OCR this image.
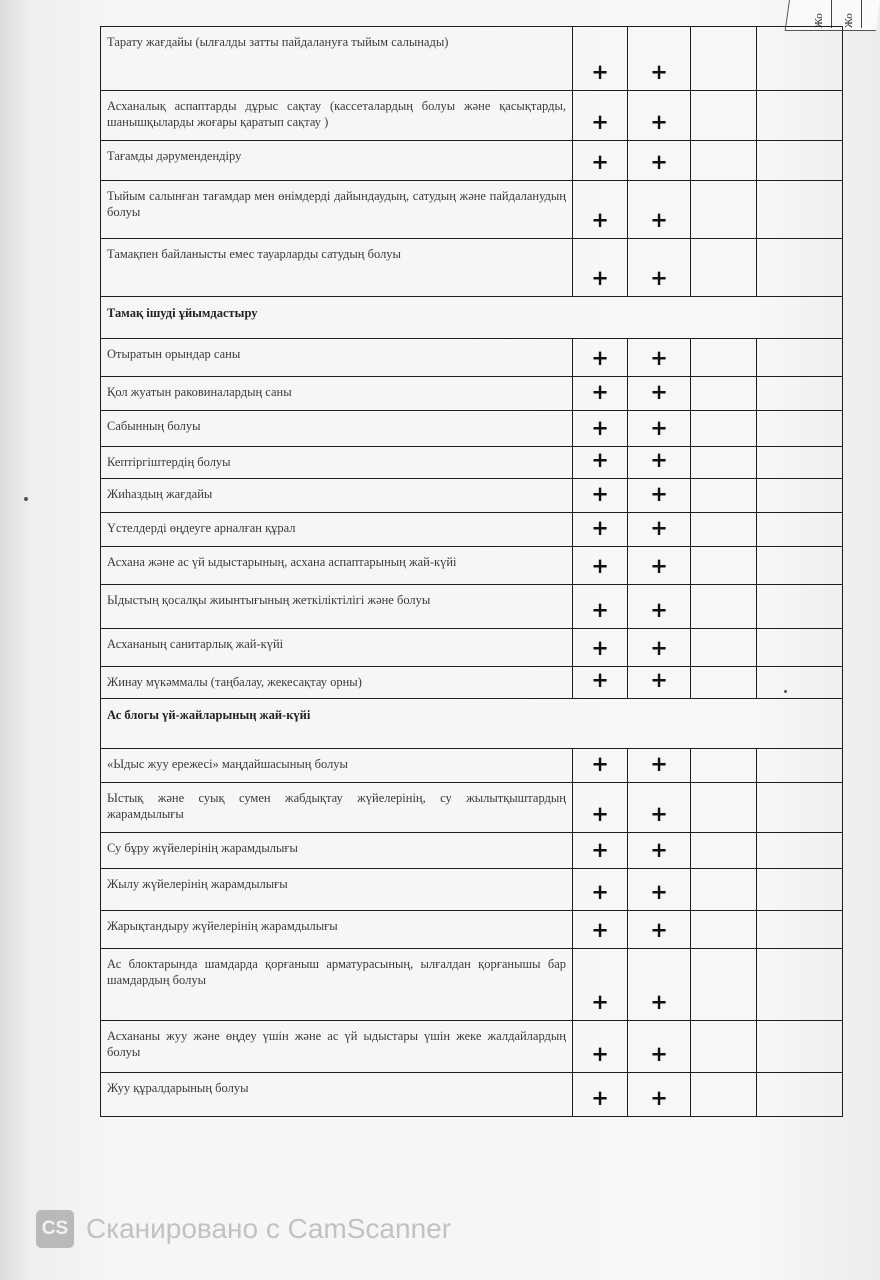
Жо	Жо
Тарату жағдайы (ылғалды затты пайдалануға тыйым салынады)	+	+		

Асханалық аспаптарды дұрыс сақтау (кассеталардың болуы және қасықтарды, шанышқыларды жоғары қаратып сақтау )	+	+		

Тағамды дәрумендендіру	+	+		

Тыйым салынған тағамдар мен өнімдерді дайындаудың, сатудың және пайдаланудың болуы	+	+		

Тамақпен байланысты емес тауарларды сатудың болуы	+	+		

Тамақ ішуді ұйымдастыру				

Отыратын орындар саны	+	+		

Қол жуатын раковиналардың саны	+	+		

Сабынның болуы	+	+		

Кептіргіштердің болуы	+	+		

Жиһаздың жағдайы	+	+		

Үстелдерді өңдеуге арналған құрал	+	+		

Асхана және ас үй ыдыстарының, асхана аспаптарының жай-күйі	+	+		

Ыдыстың қосалқы жиынтығының жеткіліктілігі және болуы	+	+		

Асхананың санитарлық жай-күйі	+	+		

Жинау мүкәммалы (таңбалау, жекесақтау орны)	+	+		

Ас блогы үй-жайларының жай-күйі				

«Ыдыс жуу ережесі» маңдайшасының болуы	+	+		

Ыстық және суық сумен жабдықтау жүйелерінің, су жылытқыштардың жарамдылығы	+	+		

Су бұру жүйелерінің жарамдылығы	+	+		

Жылу жүйелерінің жарамдылығы	+	+		

Жарықтандыру жүйелерінің жарамдылығы	+	+		

Ас блоктарында шамдарда қорғаныш арматурасының, ылғалдан қорғанышы бар шамдардың болуы	+	+		

Асхананы жуу және өңдеу үшін және ас үй ыдыстары үшін жеке жалдайлардың болуы	+	+		

Жуу құралдарының болуы	+	+		

CS Сканировано с CamScanner
